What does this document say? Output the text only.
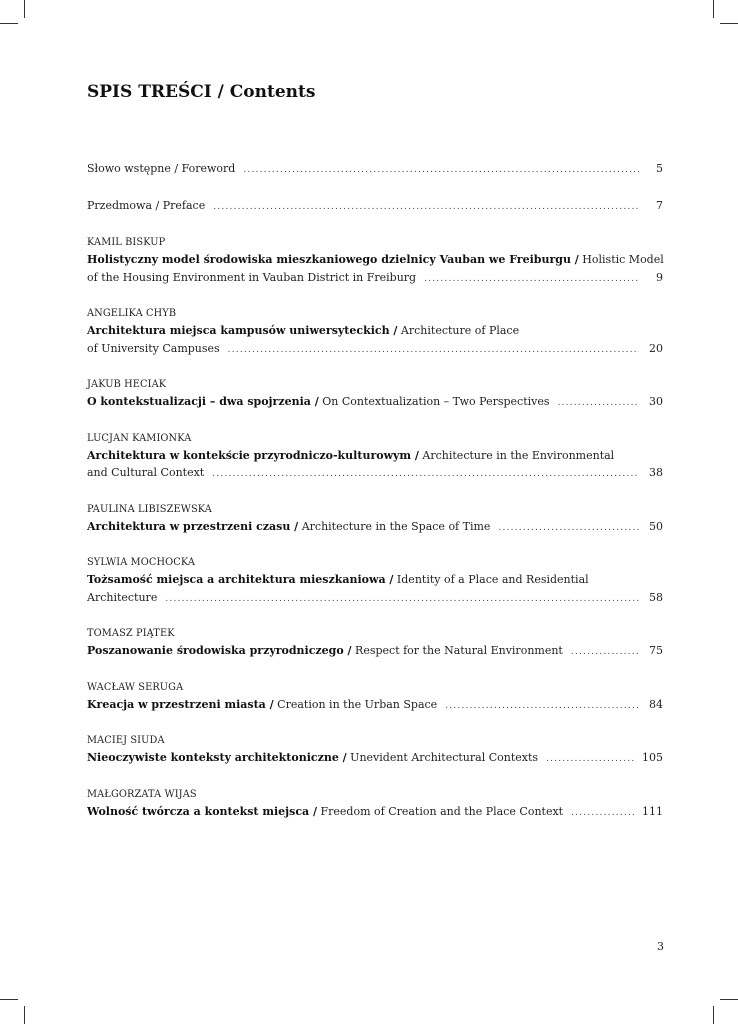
SPIS TREŚCI / Contents
Słowo wstępne / Foreword .....	5
Przedmowa / Preface .....	7
KAMIL BISKUP
Holistyczny model środowiska mieszkaniowego dzielnicy Vauban we Freiburgu / Holistic Model
of the Housing Environment in Vauban District in Freiburg .....	9
ANGELIKA CHYB
Architektura miejsca kampusów uniwersyteckich / Architecture of Place
of University Campuses .....	20
JAKUB HECIAK
O kontekstualizacji – dwa spojrzenia / On Contextualization – Two Perspectives .....	30
LUCJAN KAMIONKA
Architektura w kontekście przyrodniczo-kulturowym / Architecture in the Environmental
and Cultural Context .....	38
PAULINA LIBISZEWSKA
Architektura w przestrzeni czasu / Architecture in the Space of Time .....	50
SYLWIA MOCHOCKA
Tożsamość miejsca a architektura mieszkaniowa / Identity of a Place and Residential
Architecture .....	58
TOMASZ PIĄTEK
Poszanowanie środowiska przyrodniczego / Respect for the Natural Environment .....	75
WACŁAW SERUGA
Kreacja w przestrzeni miasta / Creation in the Urban Space .....	84
MACIEJ SIUDA
Nieoczywiste konteksty architektoniczne / Unevident Architectural Contexts .....	105
MAŁGORZATA WIJAS
Wolność twórcza a kontekst miejsca / Freedom of Creation and the Place Context .....	111
3
